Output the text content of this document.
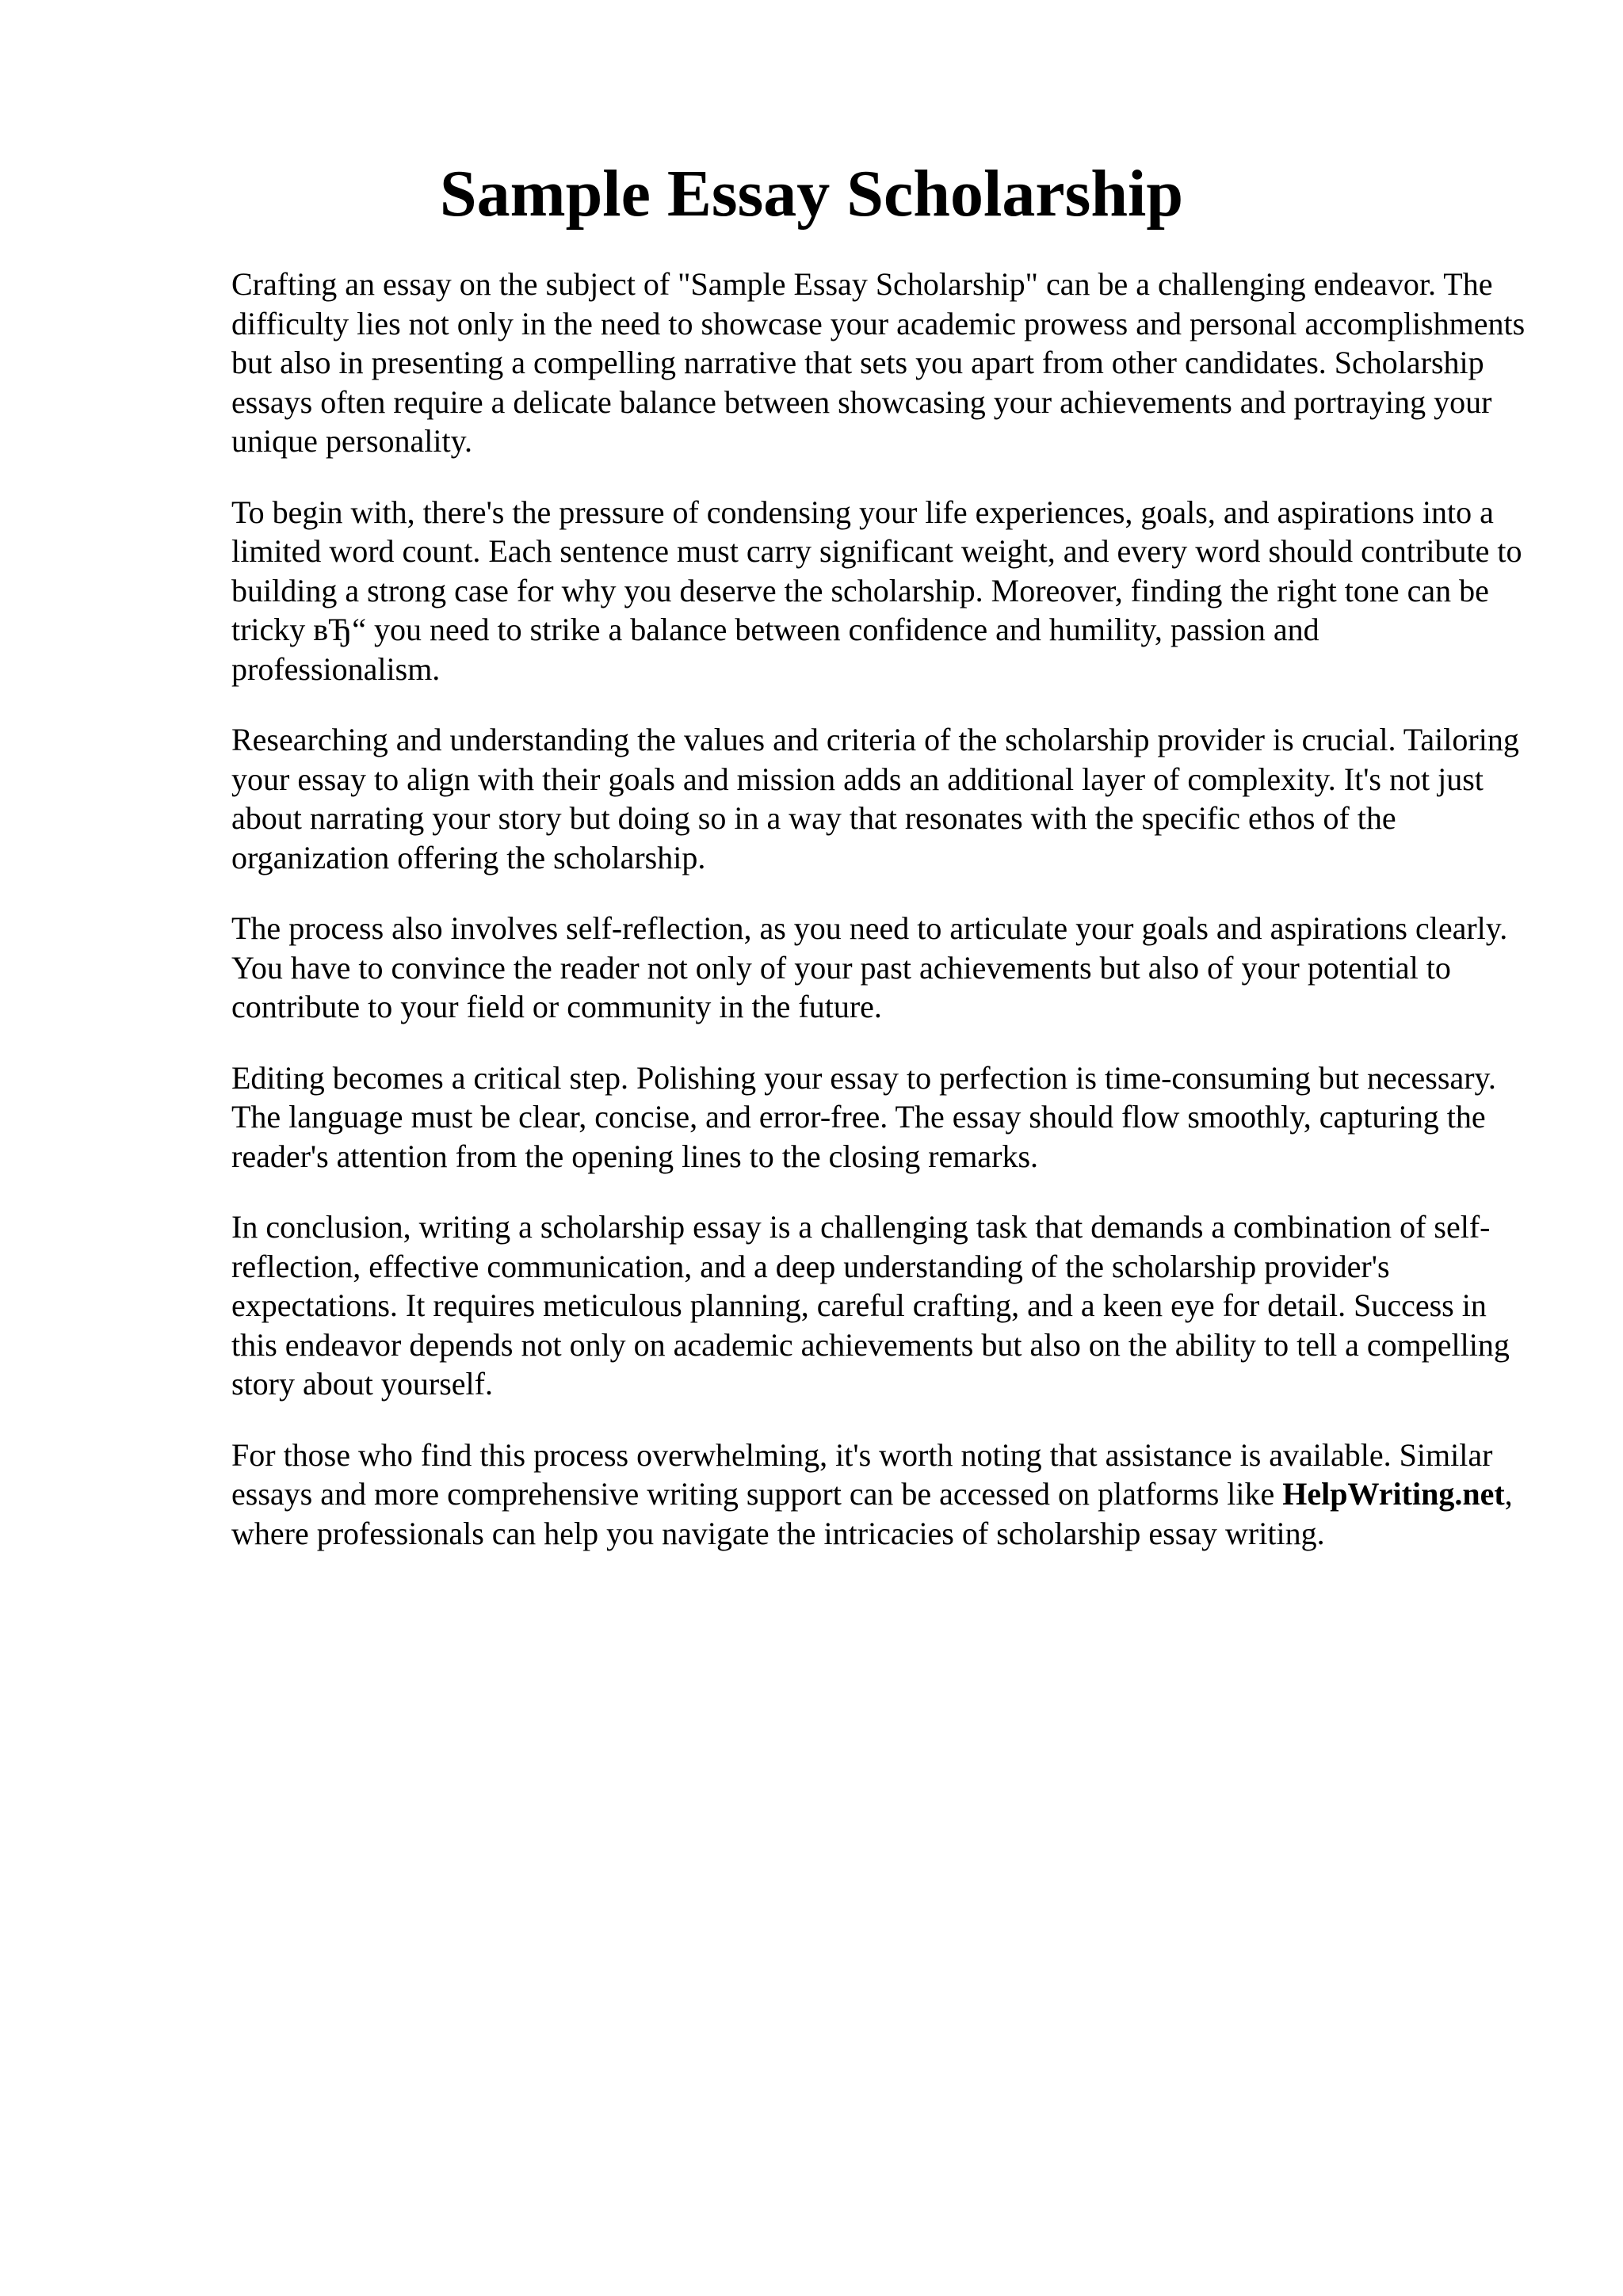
Sample Essay Scholarship

Crafting an essay on the subject of "Sample Essay Scholarship" can be a challenging endeavor. The difficulty lies not only in the need to showcase your academic prowess and personal accomplishments but also in presenting a compelling narrative that sets you apart from other candidates. Scholarship essays often require a delicate balance between showcasing your achievements and portraying your unique personality.

To begin with, there's the pressure of condensing your life experiences, goals, and aspirations into a limited word count. Each sentence must carry significant weight, and every word should contribute to building a strong case for why you deserve the scholarship. Moreover, finding the right tone can be tricky вЂ“ you need to strike a balance between confidence and humility, passion and professionalism.

Researching and understanding the values and criteria of the scholarship provider is crucial. Tailoring your essay to align with their goals and mission adds an additional layer of complexity. It's not just about narrating your story but doing so in a way that resonates with the specific ethos of the organization offering the scholarship.

The process also involves self-reflection, as you need to articulate your goals and aspirations clearly. You have to convince the reader not only of your past achievements but also of your potential to contribute to your field or community in the future.

Editing becomes a critical step. Polishing your essay to perfection is time-consuming but necessary. The language must be clear, concise, and error-free. The essay should flow smoothly, capturing the reader's attention from the opening lines to the closing remarks.

In conclusion, writing a scholarship essay is a challenging task that demands a combination of self-reflection, effective communication, and a deep understanding of the scholarship provider's expectations. It requires meticulous planning, careful crafting, and a keen eye for detail. Success in this endeavor depends not only on academic achievements but also on the ability to tell a compelling story about yourself.

For those who find this process overwhelming, it's worth noting that assistance is available. Similar essays and more comprehensive writing support can be accessed on platforms like HelpWriting.net, where professionals can help you navigate the intricacies of scholarship essay writing.
